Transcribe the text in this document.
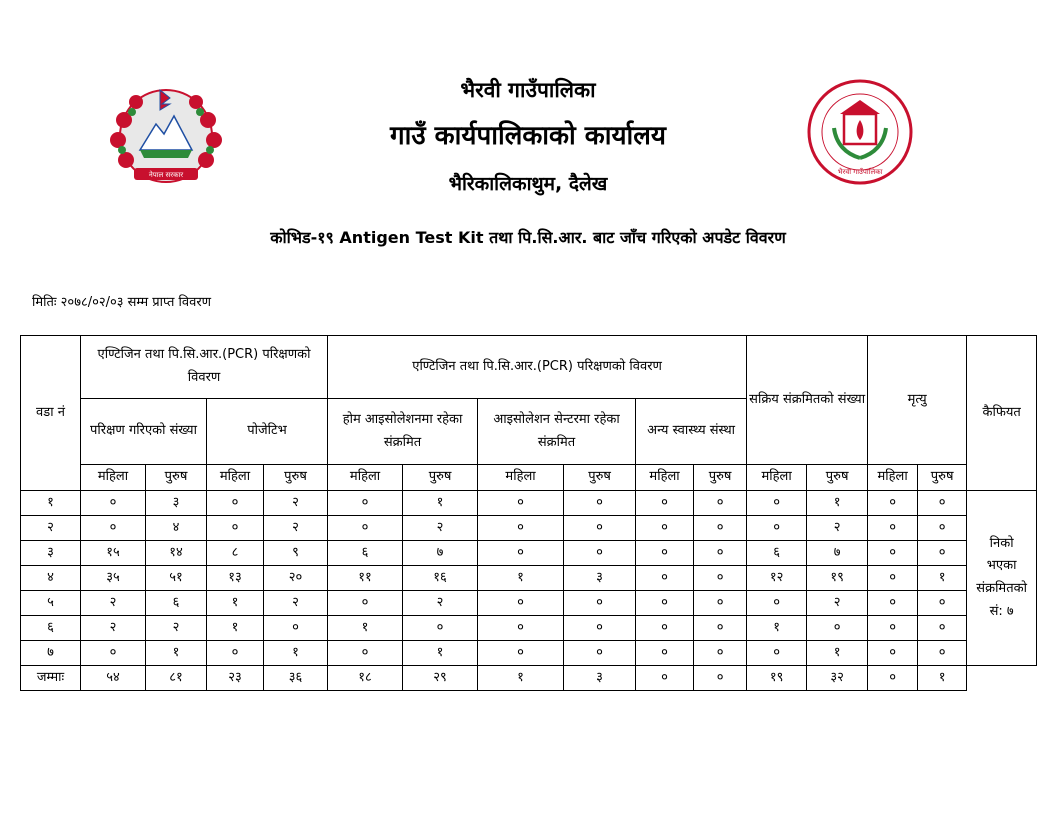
नेपाल सरकार	भैरवी गाउँपालिका
भैरवी गाउँपालिका
गाउँ कार्यपालिकाको कार्यालय
भैरिकालिकाथुम, दैलेख
कोभिड-१९ Antigen Test Kit तथा पि.सि.आर. बाट जाँच गरिएको अपडेट विवरण
मितिः २०७८/०२/०३ सम्म प्राप्त विवरण
वडा नं	एण्टिजिन तथा पि.सि.आर.(PCR) परिक्षणको विवरण				एण्टिजिन तथा पि.सि.आर.(PCR) परिक्षणको विवरण						सक्रिय संक्रमितको संख्या		मृत्यु		कैफियत
	परिक्षण गरिएको संख्या		पोजेटिभ		होम आइसोलेशनमा रहेका संक्रमित		आइसोलेशन सेन्टरमा रहेका संक्रमित		अन्य स्वास्थ्य संस्था						
	महिला	पुरुष	महिला	पुरुष	महिला	पुरुष	महिला	पुरुष	महिला	पुरुष	महिला	पुरुष	महिला	पुरुष	
१	०	३	०	२	०	१	०	०	०	०	०	१	०	०	निको
भएका
संक्रमितको
सं: ७

२	०	४	०	२	०	२	०	०	०	०	०	२	०	०	
३	१५	१४	८	९	६	७	०	०	०	०	६	७	०	०	
४	३५	५१	१३	२०	११	१६	१	३	०	०	१२	१९	०	१	
५	२	६	१	२	०	२	०	०	०	०	०	२	०	०	
६	२	२	१	०	१	०	०	०	०	०	१	०	०	०	
७	०	१	०	१	०	१	०	०	०	०	०	१	०	०	
जम्माः	५४	८१	२३	३६	१८	२९	१	३	०	०	१९	३२	०	१	
